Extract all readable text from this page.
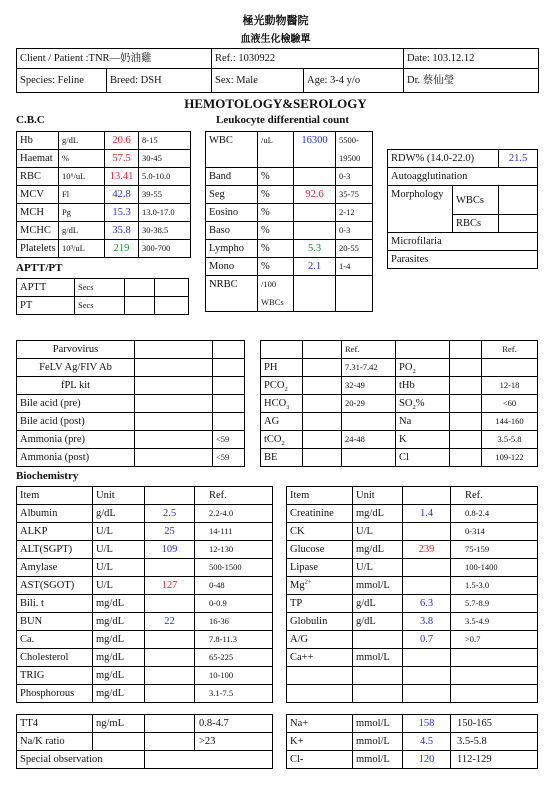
極光動物醫院
血液生化檢驗單
Client / Patient :TNR—奶油雞		Ref.: 1030922		Date: 103.12.12
Species: Feline	Breed: DSH	Sex: Male	Age: 3-4 y/o	Dr. 蔡仙瑩
HEMOTOLOGY&SEROLOGY
C.B.C	Leukocyte differential count
Hb	g/dL	20.6	8-15
Haemat	%	57.5	30-45
RBC	10⁶/uL	13.41	5.0-10.0
MCV	Fl	42.8	39-55
MCH	Pg	15.3	13.0-17.0
MCHC	g/dL	35.8	30-38.5
Platelets	10³/uL	219	300-700
APTT/PT
APTT	Secs		
PT	Secs		
WBC	/uL	16300	5500-
			19500
Band	%		0-3
Seg	%	92.6	35-75
Eosino	%		2-12
Baso	%		0-3
Lympho	%	5.3	20-55
Mono	%	2.1	1-4
NRBC	/100		
	WBCs		
RDW% (14.0-22.0)		21.5
Autoagglutination		
Morphology	WBCs	
	RBCs	
Microfilaria		
Parasites		
Parvovirus		
FeLV Ag/FIV Ab		
fPL kit		
Bile acid (pre)		
Bile acid (post)		
Ammonia (pre)		<59
Ammonia (post)		<59
		Ref.			Ref.
PH		7.31-7.42	$PO_2$		
$PCO_2$		32-49	tHb		12-18
$HCO_3$		20-29	$SO_2\%$		<60
AG			Na		144-160
tCO$_2$		24-48	K		3.5-5.8
BE			Cl		109-122
Biochemistry
Item	Unit		Ref.
Albumin	g/dL	2.5	2.2-4.0
ALKP	U/L	25	14-111
ALT(SGPT)	U/L	109	12-130
Amylase	U/L		500-1500
AST(SGOT)	U/L	127	0-48
Bili. t	mg/dL		0-0.9
BUN	mg/dL	22	16-36
Ca.	mg/dL		7.8-11.3
Cholesterol	mg/dL		65-225
TRIG	mg/dL		10-100
Phosphorous	mg/dL		3.1-7.5
Item	Unit		Ref.
Creatinine	mg/dL	1.4	0.8-2.4
CK	U/L		0-314
Glucose	mg/dL	239	75-159
Lipase	U/L		100-1400
$Mg^{2+}$	mmol/L		1.5-3.0
TP	g/dL	6.3	5.7-8.9
Globulin	g/dL	3.8	3.5-4.9
A/G		0.7	>0.7
Ca++	mmol/L		

TT4	ng/mL		0.8-4.7
Na/K ratio			>23
Special observation			
Na+	mmol/L	158	150-165
K+	mmol/L	4.5	3.5-5.8
Cl-	mmol/L	120	112-129
